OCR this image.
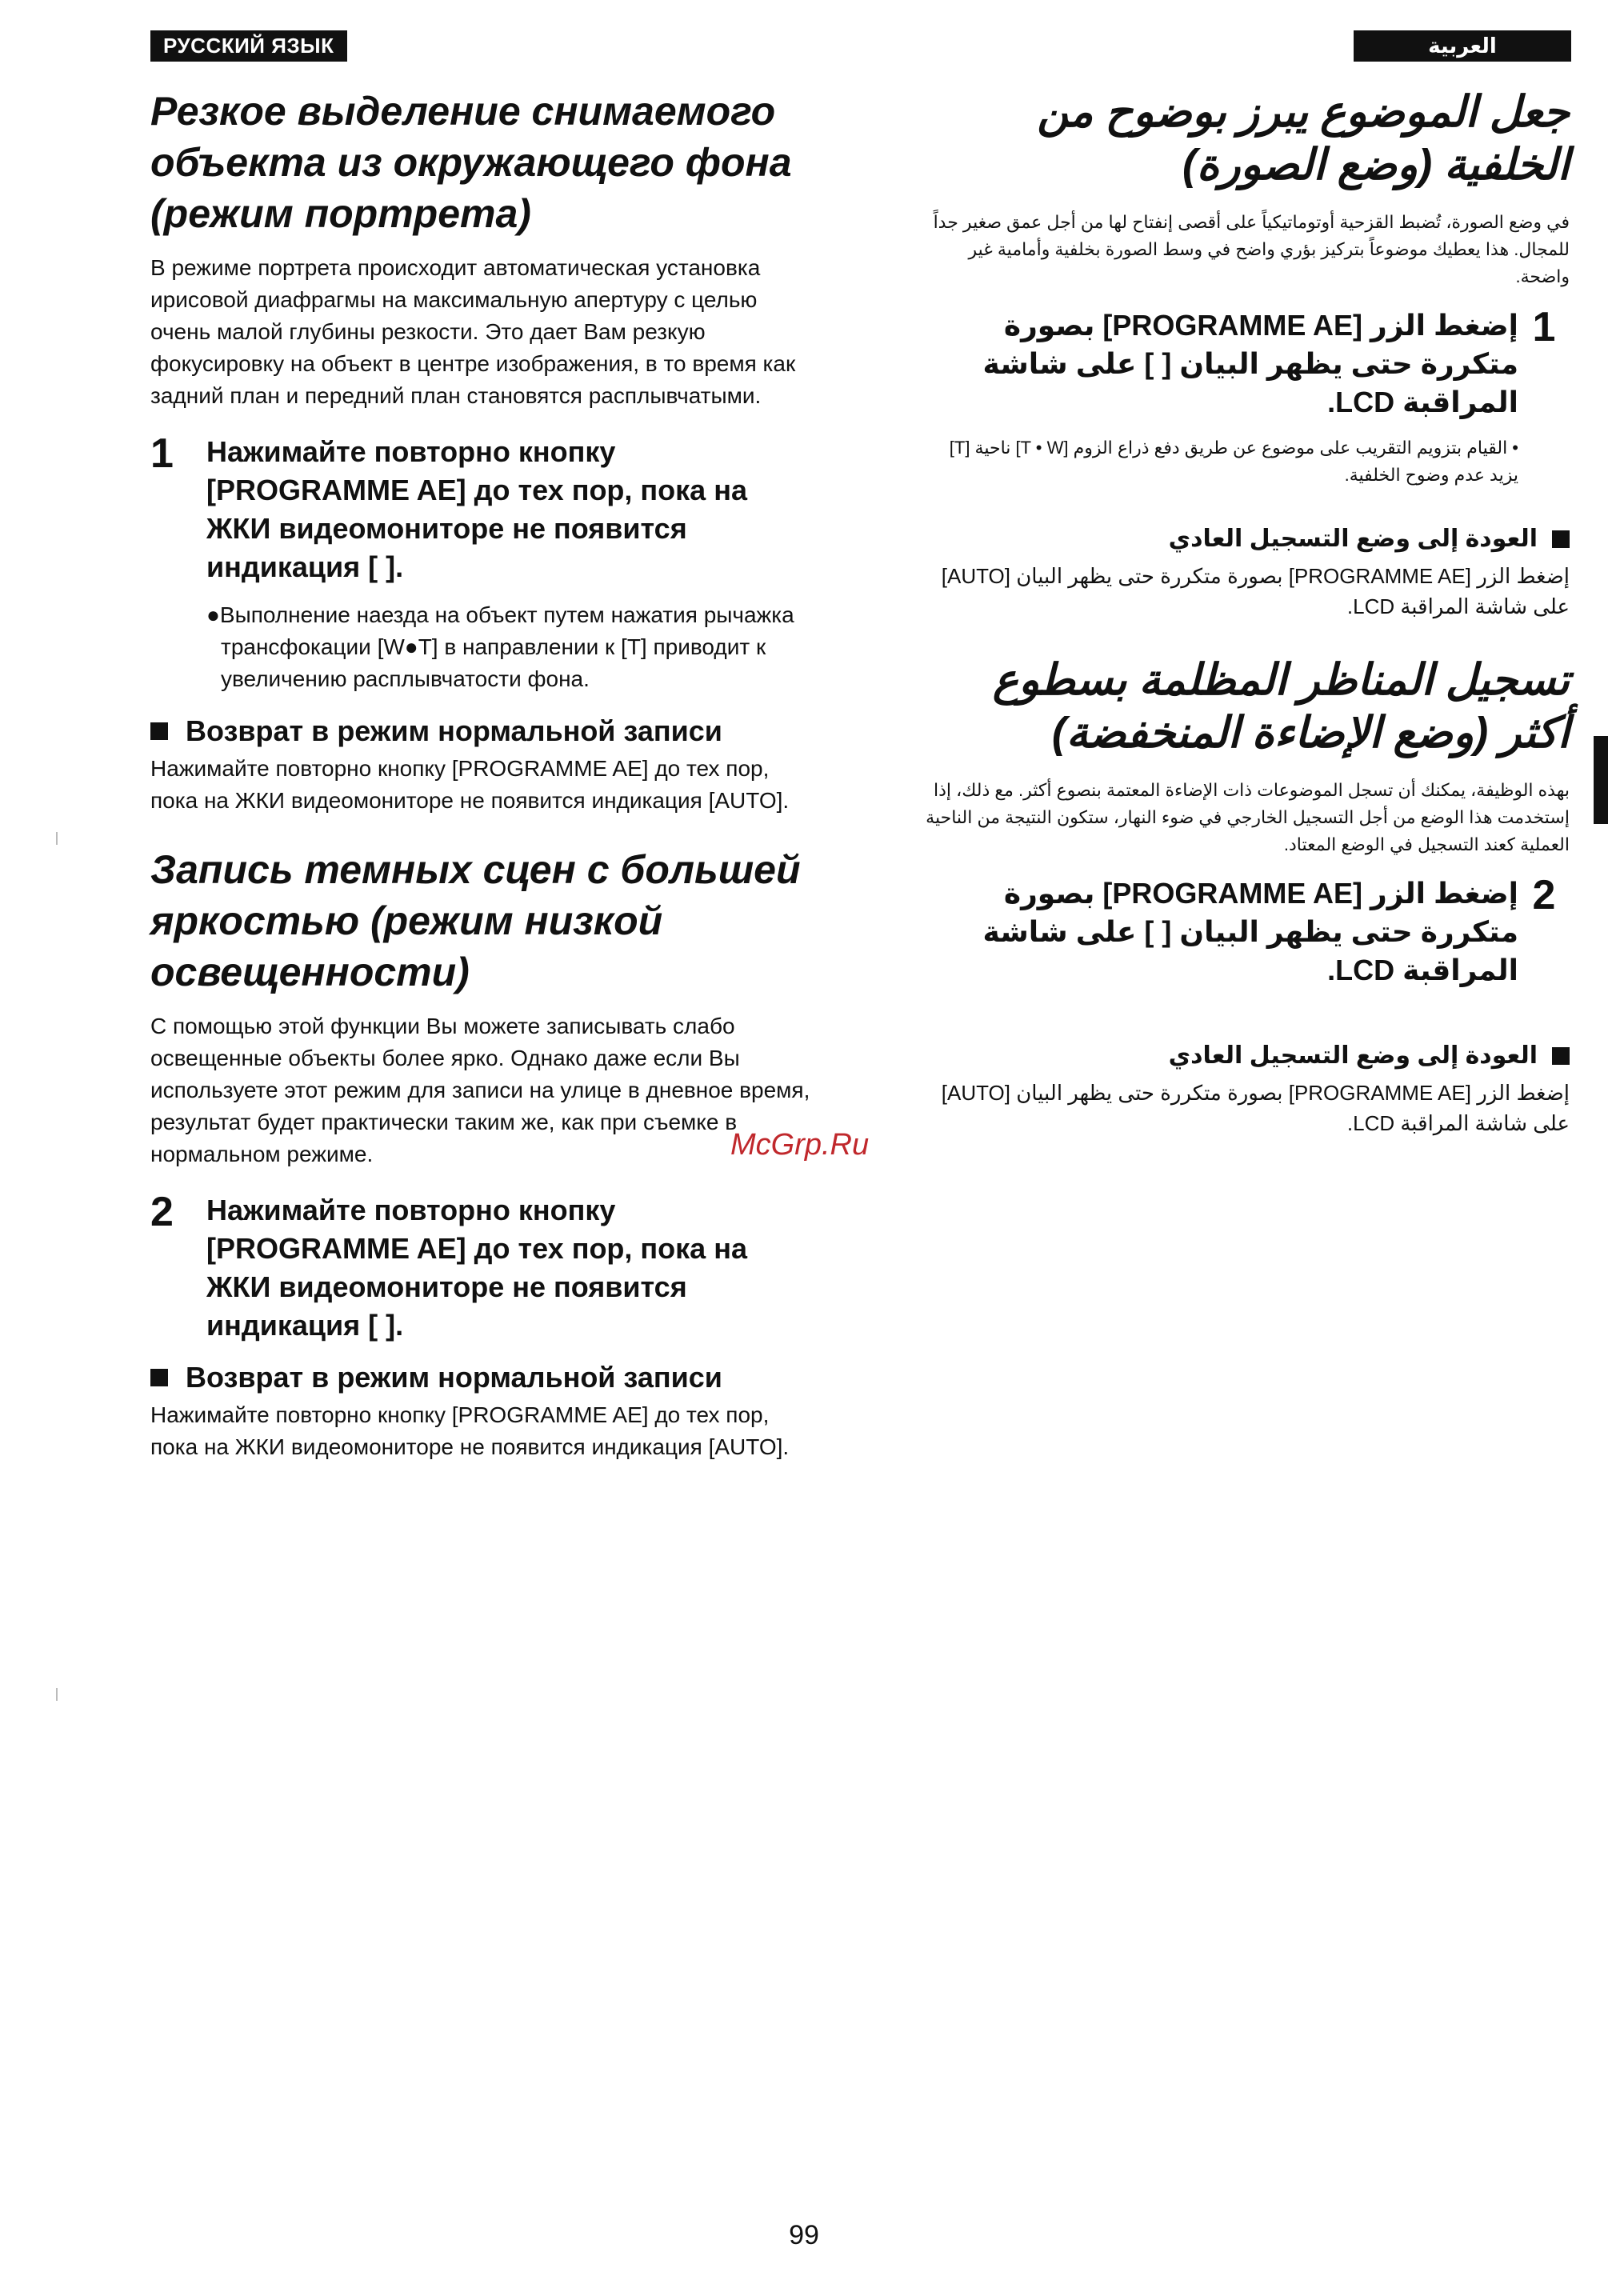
РУССКИЙ ЯЗЫК
Резкое выделение снимаемого объекта из окружающего фона (режим портрета)

В режиме портрета происходит автоматическая установка ирисовой диафрагмы на максимальную апертуру с целью очень малой глубины резкости. Это дает Вам резкую фокусировку на объект в центре изображения, в то время как задний план и передний план становятся расплывчатыми.

1	Нажимайте повторно кнопку [PROGRAMME AE] до тех пор, пока на ЖКИ видеомониторе не появится индикация [ ].

●Выполнение наезда на объект путем нажатия рычажка трансфокации [W●T] в направлении к [T] приводит к увеличению расплывчатости фона.

Возврат в режим нормальной записи

Нажимайте повторно кнопку [PROGRAMME AE] до тех пор, пока на ЖКИ видеомониторе не появится индикация [AUTO].

Запись темных сцен с большей яркостью (режим низкой освещенности)

С помощью этой функции Вы можете записывать слабо освещенные объекты более ярко. Однако даже если Вы используете этот режим для записи на улице в дневное время, результат будет практически таким же, как при съемке в нормальном режиме.

2	Нажимайте повторно кнопку [PROGRAMME AE] до тех пор, пока на ЖКИ видеомониторе не появится индикация [ ].
Возврат в режим нормальной записи

Нажимайте повторно кнопку [PROGRAMME AE] до тех пор, пока на ЖКИ видеомониторе не появится индикация [AUTO].

العربية
جعل الموضوع يبرز بوضوح من الخلفية (وضع الصورة)

في وضع الصورة، تُضبط القزحية أوتوماتيكياً على أقصى إنفتاح لها من أجل عمق صغير جداً للمجال. هذا يعطيك موضوعاً بتركيز بؤري واضح في وسط الصورة بخلفية وأمامية غير واضحة.

1
إضغط الزر [PROGRAMME AE] بصورة متكررة حتى يظهر البيان [ ] على شاشة المراقبة LCD.

• القيام بتزويم التقريب على موضوع عن طريق دفع ذراع الزوم [T • W] ناحية [T] يزيد عدم وضوح الخلفية.

العودة إلى وضع التسجيل العادي

إضغط الزر [PROGRAMME AE] بصورة متكررة حتى يظهر البيان [AUTO] على شاشة المراقبة LCD.

تسجيل المناظر المظلمة بسطوع أكثر (وضع الإضاءة المنخفضة)

بهذه الوظيفة، يمكنك أن تسجل الموضوعات ذات الإضاءة المعتمة بنصوع أكثر. مع ذلك، إذا إستخدمت هذا الوضع من أجل التسجيل الخارجي في ضوء النهار، ستكون النتيجة من الناحية العملية كعند التسجيل في الوضع المعتاد.

2
إضغط الزر [PROGRAMME AE] بصورة متكررة حتى يظهر البيان [ ] على شاشة المراقبة LCD.
العودة إلى وضع التسجيل العادي

إضغط الزر [PROGRAMME AE] بصورة متكررة حتى يظهر البيان [AUTO] على شاشة المراقبة LCD.

McGrp.Ru
99
